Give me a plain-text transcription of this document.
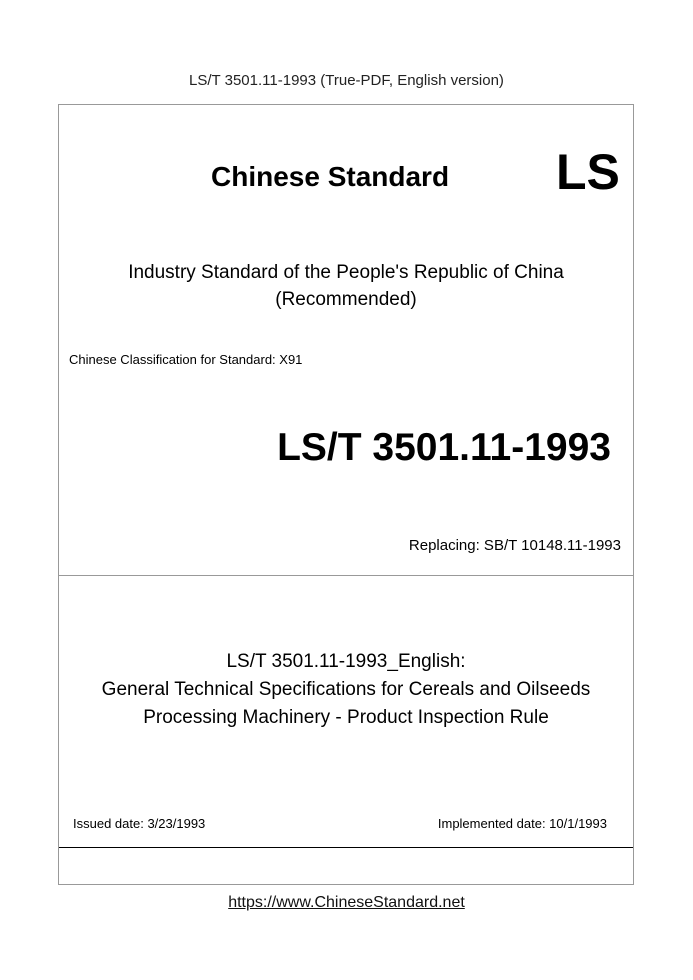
LS/T 3501.11-1993 (True-PDF, English version)
Chinese Standard LS
Industry Standard of the People's Republic of China
(Recommended)
Chinese Classification for Standard: X91
LS/T 3501.11-1993
Replacing: SB/T 10148.11-1993
LS/T 3501.11-1993_English:
General Technical Specifications for Cereals and Oilseeds
Processing Machinery - Product Inspection Rule
Issued date: 3/23/1993	Implemented date: 10/1/1993
https://www.ChineseStandard.net
